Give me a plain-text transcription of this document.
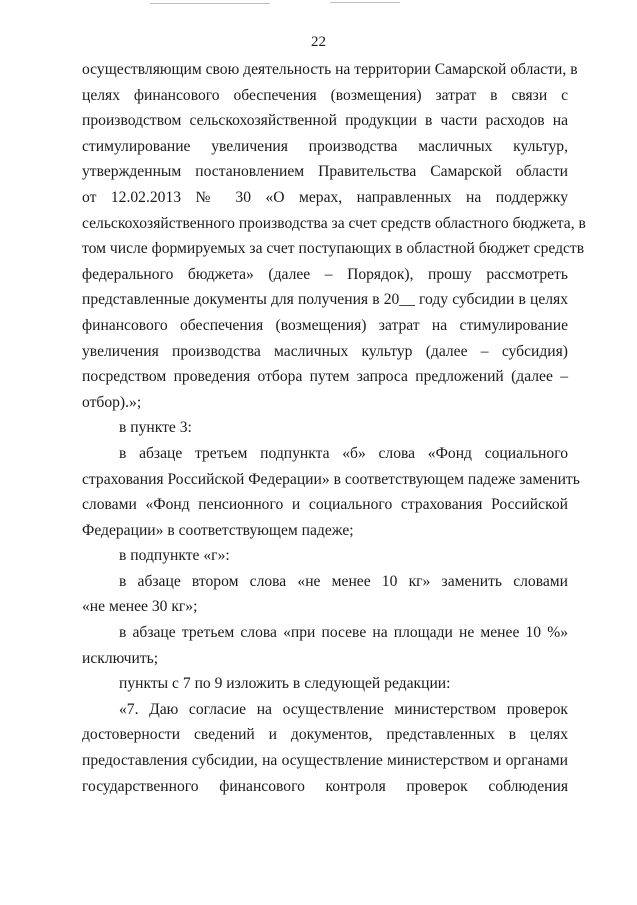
22
осуществляющим свою деятельность на территории Самарской области, в
целях финансового обеспечения (возмещения) затрат в связи с
производством сельскохозяйственной продукции в части расходов на
стимулирование увеличения производства масличных культур,
утвержденным постановлением Правительства Самарской области
от 12.02.2013 № 30 «О мерах, направленных на поддержку
сельскохозяйственного производства за счет средств областного бюджета, в
том числе формируемых за счет поступающих в областной бюджет средств
федерального бюджета» (далее – Порядок), прошу рассмотреть
представленные документы для получения в 20__ году субсидии в целях
финансового обеспечения (возмещения) затрат на стимулирование
увеличения производства масличных культур (далее – субсидия)
посредством проведения отбора путем запроса предложений (далее –
отбор).»;
в пункте 3:
в абзаце третьем подпункта «б» слова «Фонд социального
страхования Российской Федерации» в соответствующем падеже заменить
словами «Фонд пенсионного и социального страхования Российской
Федерации» в соответствующем падеже;
в подпункте «г»:
в абзаце втором слова «не менее 10 кг» заменить словами
«не менее 30 кг»;
в абзаце третьем слова «при посеве на площади не менее 10 %»
исключить;
пункты с 7 по 9 изложить в следующей редакции:
«7. Даю согласие на осуществление министерством проверок
достоверности сведений и документов, представленных в целях
предоставления субсидии, на осуществление министерством и органами
государственного финансового контроля проверок соблюдения
